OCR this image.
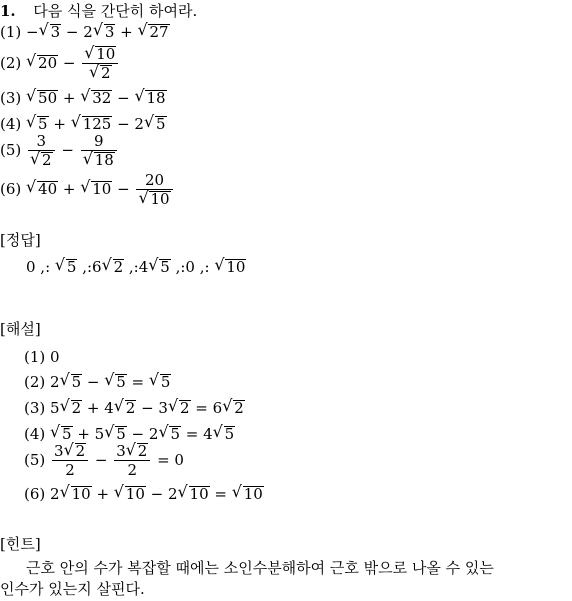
1. 다음 식을 간단히 하여라.
(1) − √ 3 − 2 √ 3 + √ 27
(2) √ 20 − √ 10
√ 2
(3) √ 50 + √ 32 − √ 18
(4) √ 5 + √ 125 − 2 √ 5
(5) 3
√ 2 − 9
√ 18
(6) √ 40 + √ 10 − 20
√ 10
[정답]
0 ,: √ 5 ,:6 √ 2 ,:4 √ 5 ,:0 ,: √ 10
[해설]
(1) 0
(2) 2 √ 5 − √ 5 = √ 5
(3) 5 √ 2 + 4 √ 2 − 3 √ 2 = 6 √ 2
(4) √ 5 + 5 √ 5 − 2 √ 5 = 4 √ 5
$(5) \frac{3 √ 2}{2} - \frac{3 √ 2}{2} = 0$
(6) 2 √ 10 + √ 10 − 2 √ 10 = √ 10
[힌트]
근호 안의 수가 복잡할 때에는 소인수분해하여 근호 밖으로 나올 수 있는
인수가 있는지 살핀다.
